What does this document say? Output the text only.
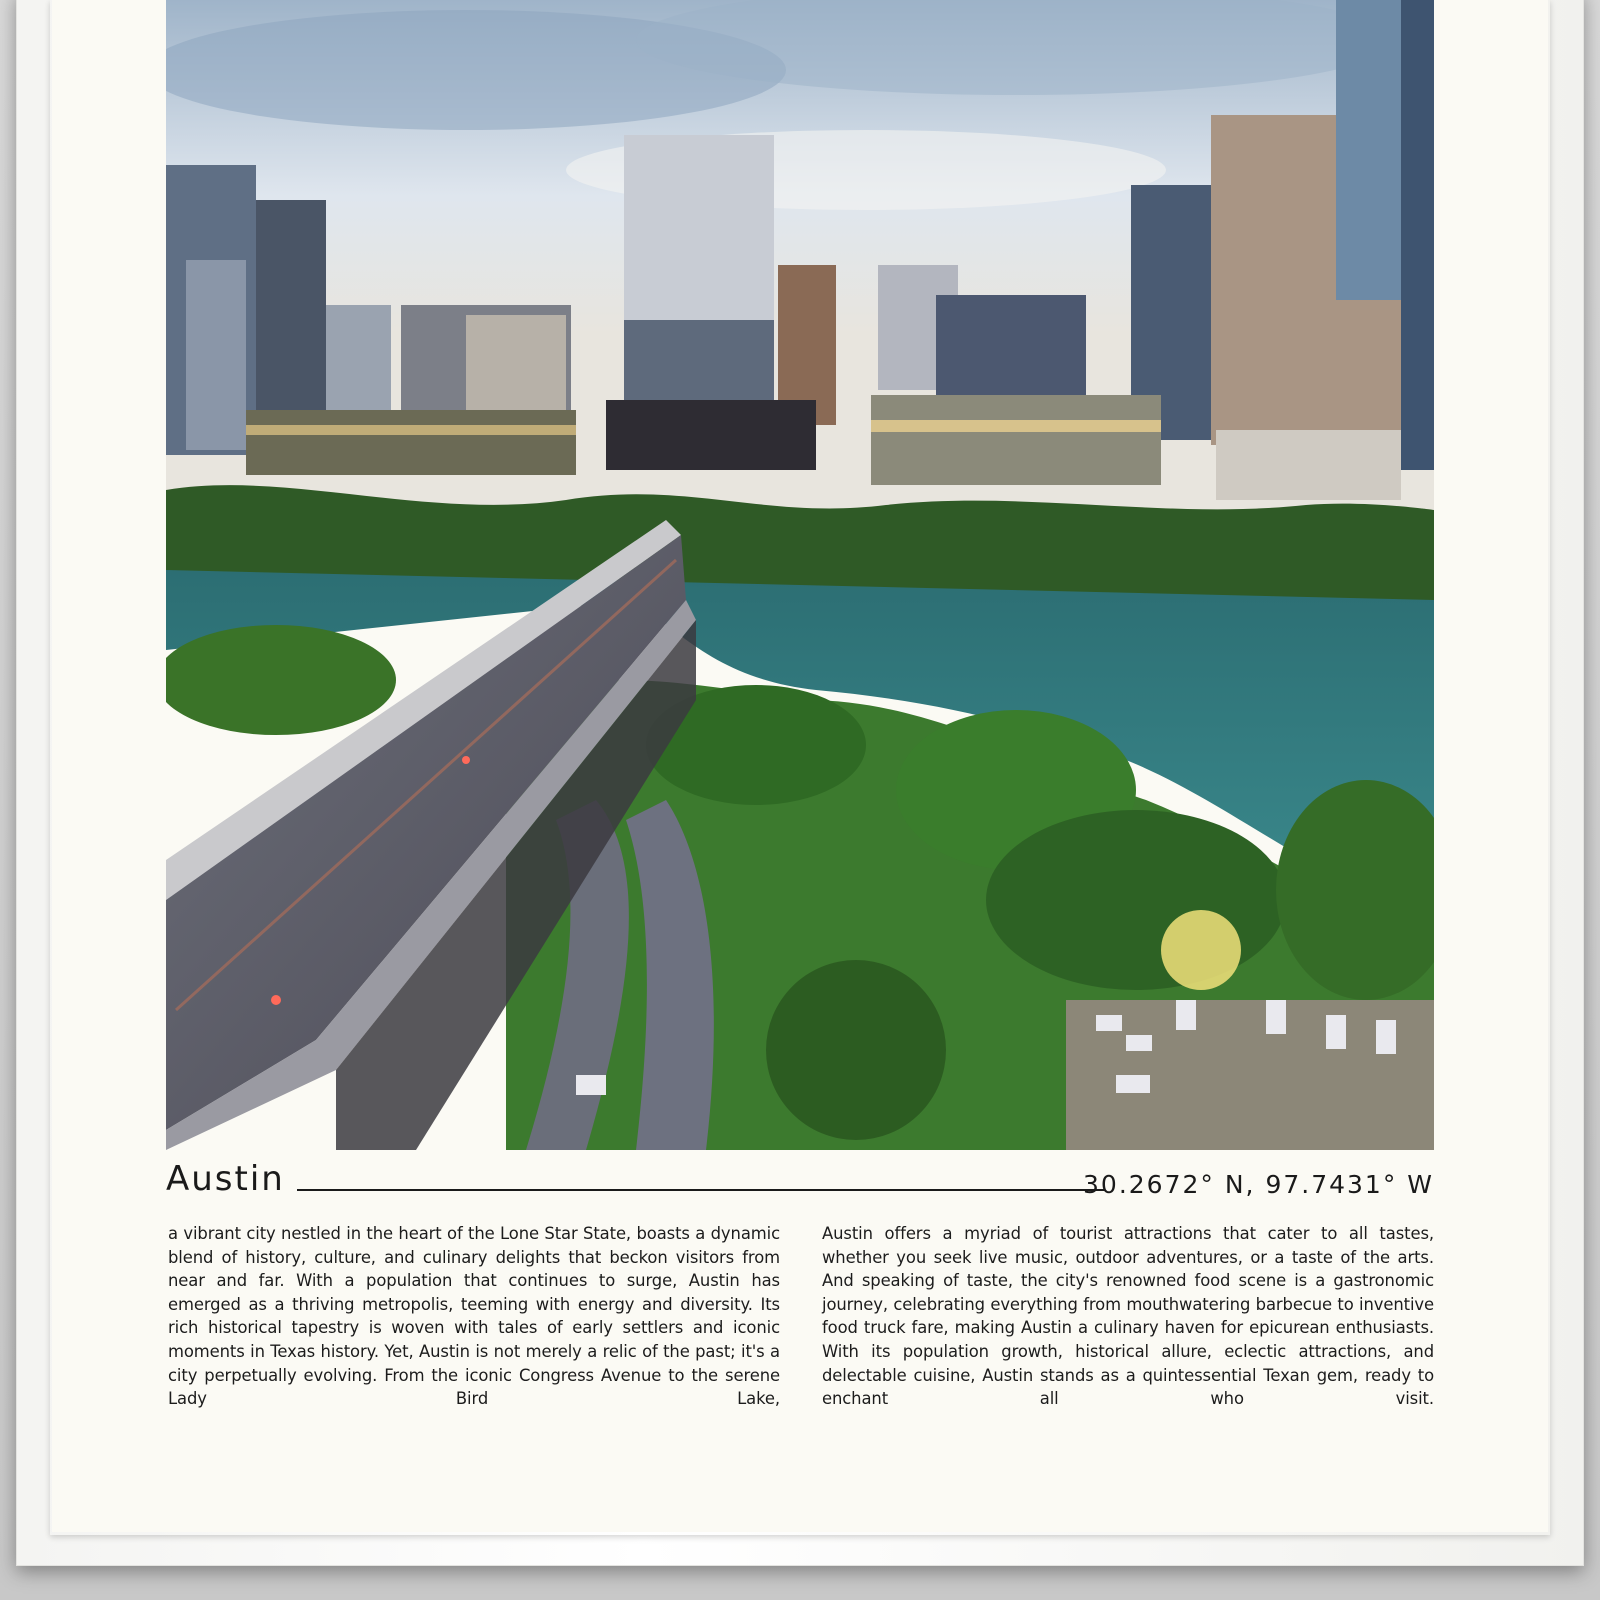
Austin	30.2672° N, 97.7431° W
a vibrant city nestled in the heart of the Lone Star State, boasts a dynamic blend of history, culture, and culinary delights that beckon visitors from near and far. With a population that continues to surge, Austin has emerged as a thriving metropolis, teeming with energy and diversity. Its rich historical tapestry is woven with tales of early settlers and iconic moments in Texas history. Yet, Austin is not merely a relic of the past; it's a city perpetually evolving. From the iconic Congress Avenue to the serene Lady Bird Lake,
Austin offers a myriad of tourist attractions that cater to all tastes, whether you seek live music, outdoor adventures, or a taste of the arts. And speaking of taste, the city's renowned food scene is a gastronomic journey, celebrating everything from mouthwatering barbecue to inventive food truck fare, making Austin a culinary haven for epicurean enthusiasts. With its population growth, historical allure, eclectic attractions, and delectable cuisine, Austin stands as a quintessential Texan gem, ready to enchant all who visit.
